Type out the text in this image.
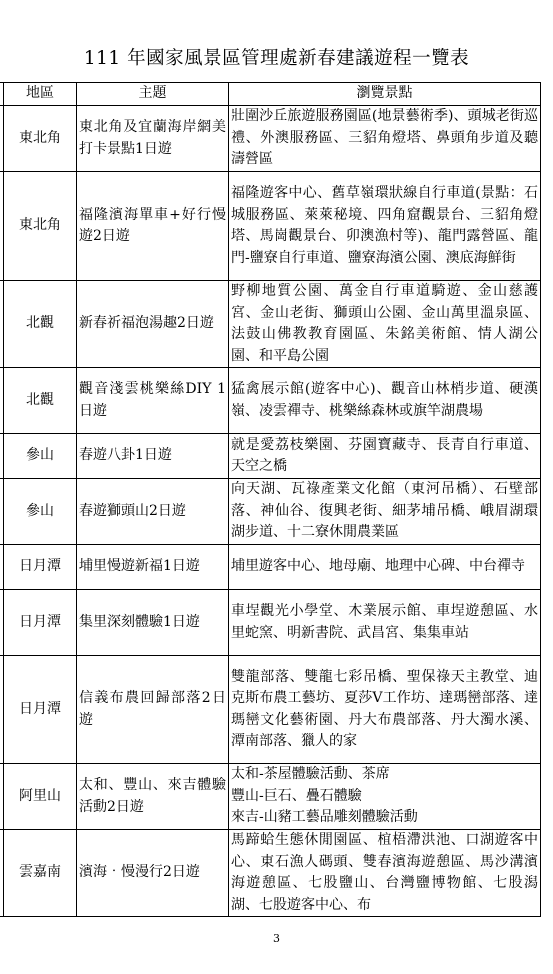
111 年國家風景區管理處新春建議遊程一覽表
	地區	主題	瀏覽景點
	東北角	東北角及宜蘭海岸網美打卡景點1日遊	壯圍沙丘旅遊服務園區(地景藝術季)、頭城老街巡禮、外澳服務區、三貂角燈塔、鼻頭角步道及聽濤營區
	東北角	福隆濱海單車+好行慢遊2日遊	福隆遊客中心、舊草嶺環狀線自行車道(景點：石城服務區、萊萊秘境、四角窟觀景台、三貂角燈塔、馬崗觀景台、卯澳漁村等)、龍門露營區、龍門-鹽寮自行車道、鹽寮海濱公園、澳底海鮮街
	北觀	新春祈福泡湯趣2日遊	野柳地質公園、萬金自行車道騎遊、金山慈護宮、金山老街、獅頭山公園、金山萬里溫泉區、法鼓山佛教教育園區、朱銘美術館、情人湖公園、和平島公園
	北觀	觀音淺雲桃樂絲DIY 1日遊	猛禽展示館(遊客中心)、觀音山林梢步道、硬漢嶺、凌雲禪寺、桃樂絲森林或旗竿湖農場
	參山	春遊八卦1日遊	就是愛荔枝樂園、芬園寶藏寺、長青自行車道、天空之橋
	參山	春遊獅頭山2日遊	向天湖、瓦祿產業文化館（東河吊橋）、石壁部落、神仙谷、復興老街、細茅埔吊橋、峨眉湖環湖步道、十二寮休閒農業區
	日月潭	埔里慢遊新福1日遊	埔里遊客中心、地母廟、地理中心碑、中台禪寺
	日月潭	集里深刻體驗1日遊	車埕觀光小學堂、木業展示館、車埕遊憩區、水里蛇窯、明新書院、武昌宮、集集車站
	日月潭	信義布農回歸部落2日遊	雙龍部落、雙龍七彩吊橋、聖保祿天主教堂、迪克斯布農工藝坊、夏莎V工作坊、達瑪巒部落、達瑪巒文化藝術園、丹大布農部落、丹大濁水溪、潭南部落、獵人的家
	阿里山	太和、豐山、來吉體驗活動2日遊	太和-茶屋體驗活動、茶席
豐山-巨石、疊石體驗
來吉-山豬工藝品雕刻體驗活動

	雲嘉南	濱海‧慢漫行2日遊	馬蹄蛤生態休閒園區、椬梧滯洪池、口湖遊客中心、東石漁人碼頭、雙春濱海遊憩區、馬沙溝濱海遊憩區、七股鹽山、台灣鹽博物館、七股潟湖、七股遊客中心、布
3
